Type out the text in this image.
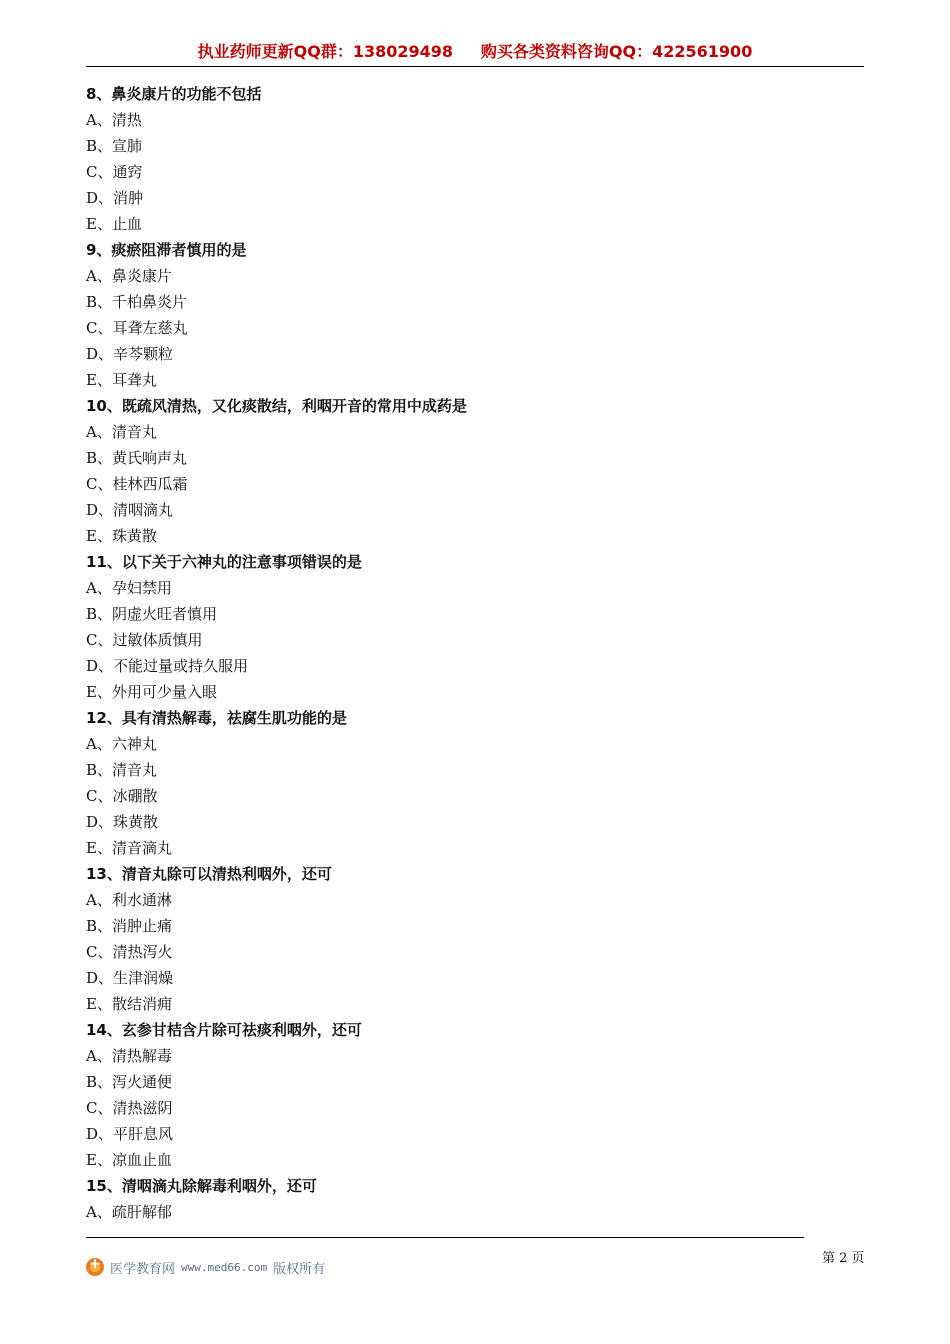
执业药师更新QQ群：138029498 购买各类资料咨询QQ：422561900
8、鼻炎康片的功能不包括
A、清热
B、宣肺
C、通窍
D、消肿
E、止血
9、痰瘀阻滞者慎用的是
A、鼻炎康片
B、千柏鼻炎片
C、耳聋左慈丸
D、辛芩颗粒
E、耳聋丸
10、既疏风清热，又化痰散结，利咽开音的常用中成药是
A、清音丸
B、黄氏响声丸
C、桂林西瓜霜
D、清咽滴丸
E、珠黄散
11、以下关于六神丸的注意事项错误的是
A、孕妇禁用
B、阴虚火旺者慎用
C、过敏体质慎用
D、不能过量或持久服用
E、外用可少量入眼
12、具有清热解毒，祛腐生肌功能的是
A、六神丸
B、清音丸
C、冰硼散
D、珠黄散
E、清音滴丸
13、清音丸除可以清热利咽外，还可
A、利水通淋
B、消肿止痛
C、清热泻火
D、生津润燥
E、散结消痈
14、玄参甘桔含片除可祛痰利咽外，还可
A、清热解毒
B、泻火通便
C、清热滋阴
D、平肝息风
E、凉血止血
15、清咽滴丸除解毒利咽外，还可
A、疏肝解郁
+
医学教育网 www.med66.com 版权所有
第 2 页
